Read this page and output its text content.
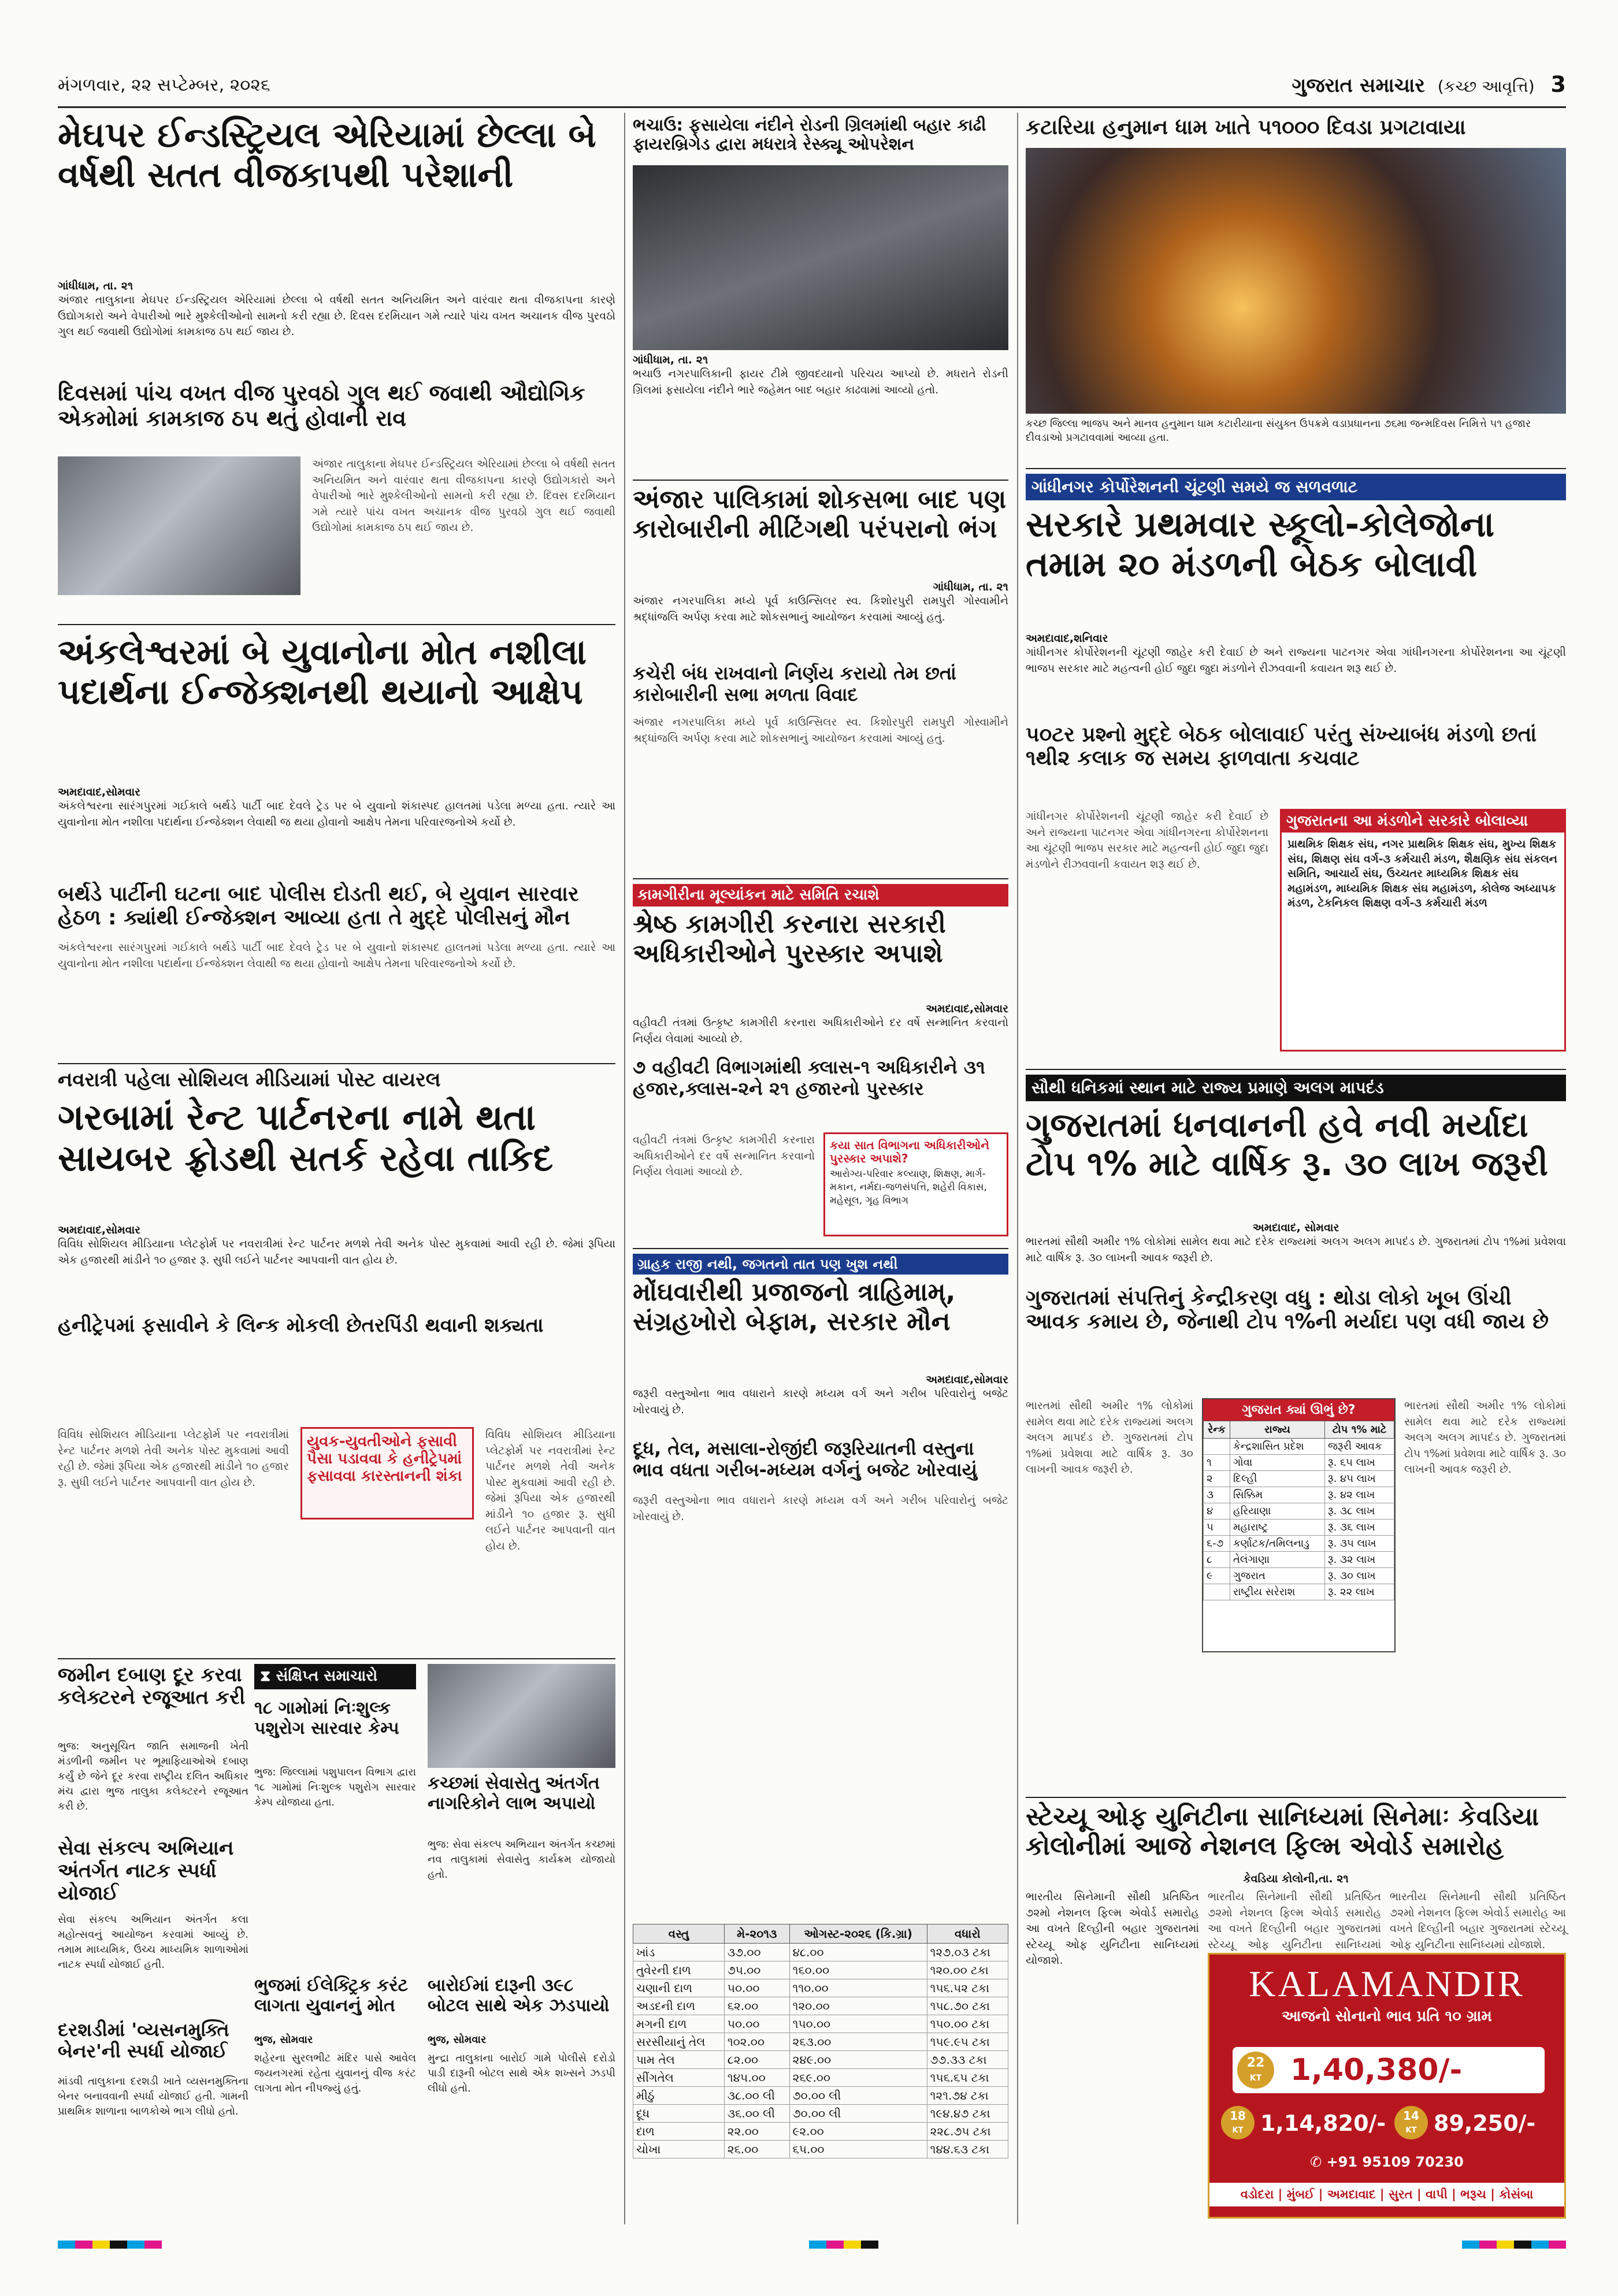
મંગળવાર, ૨૨ સપ્ટેમ્બર, ૨૦૨૬	ગુજરાત સમાચાર (કચ્છ આવૃત્તિ) 3
મેઘપર ઈન્ડસ્ટ્રિયલ એરિયામાં છેલ્લા બે વર્ષથી સતત વીજકાપથી પરેશાની
ગાંધીધામ, તા. ૨૧
અંજાર તાલુકાના મેઘપર ઈન્ડસ્ટ્રિયલ એરિયામાં છેલ્લા બે વર્ષથી સતત અનિયમિત અને વારંવાર થતા વીજકાપના કારણે ઉદ્યોગકારો અને વેપારીઓ ભારે મુશ્કેલીઓનો સામનો કરી રહ્યા છે. દિવસ દરમિયાન ગમે ત્યારે પાંચ વખત અચાનક વીજ પુરવઠો ગુલ થઈ જવાથી ઉદ્યોગોમાં કામકાજ ઠપ થઈ જાય છે.
દિવસમાં પાંચ વખત વીજ પુરવઠો ગુલ થઈ જવાથી ઔદ્યોગિક એકમોમાં કામકાજ ઠપ થતું હોવાની રાવ
અંજાર તાલુકાના મેઘપર ઈન્ડસ્ટ્રિયલ એરિયામાં છેલ્લા બે વર્ષથી સતત અનિયમિત અને વારંવાર થતા વીજકાપના કારણે ઉદ્યોગકારો અને વેપારીઓ ભારે મુશ્કેલીઓનો સામનો કરી રહ્યા છે. દિવસ દરમિયાન ગમે ત્યારે પાંચ વખત અચાનક વીજ પુરવઠો ગુલ થઈ જવાથી ઉદ્યોગોમાં કામકાજ ઠપ થઈ જાય છે.
અંકલેશ્વરમાં બે યુવાનોના મોત નશીલા પદાર્થના ઈન્જેક્શનથી થયાનો આક્ષેપ
અમદાવાદ,સોમવાર
અંકલેશ્વરના સારંગપુરમાં ગઈકાલે બર્થડે પાર્ટી બાદ દેવલે ટ્રેડ પર બે યુવાનો શંકાસ્પદ હાલતમાં પડેલા મળ્યા હતા. ત્યારે આ યુવાનોના મોત નશીલા પદાર્થના ઈન્જેક્શન લેવાથી જ થયા હોવાનો આક્ષેપ તેમના પરિવારજનોએ કર્યો છે.
બર્થડે પાર્ટીની ઘટના બાદ પોલીસ દોડતી થઈ, બે યુવાન સારવાર હેઠળ : ક્યાંથી ઈન્જેક્શન આવ્યા હતા તે મુદ્દે પોલીસનું મૌન
અંકલેશ્વરના સારંગપુરમાં ગઈકાલે બર્થડે પાર્ટી બાદ દેવલે ટ્રેડ પર બે યુવાનો શંકાસ્પદ હાલતમાં પડેલા મળ્યા હતા. ત્યારે આ યુવાનોના મોત નશીલા પદાર્થના ઈન્જેક્શન લેવાથી જ થયા હોવાનો આક્ષેપ તેમના પરિવારજનોએ કર્યો છે.
નવરાત્રી પહેલા સોશિયલ મીડિયામાં પોસ્ટ વાયરલ
ગરબામાં રેન્ટ પાર્ટનરના નામે થતા સાયબર ફ્રોડથી સતર્ક રહેવા તાકિદ
અમદાવાદ,સોમવાર
વિવિધ સોશિયલ મીડિયાના પ્લેટફોર્મ પર નવરાત્રીમાં રેન્ટ પાર્ટનર મળશે તેવી અનેક પોસ્ટ મુકવામાં આવી રહી છે. જેમાં રૂપિયા એક હજારથી માંડીને ૧૦ હજાર રૂ. સુધી લઈને પાર્ટનર આપવાની વાત હોય છે.
હનીટ્રેપમાં ફસાવીને કે લિન્ક મોકલી છેતરપિંડી થવાની શક્યતા
યુવક-યુવતીઓને ફસાવી પૈસા પડાવવા કે હનીટ્રેપમાં ફસાવવા કારસ્તાનની શંકા
વિવિધ સોશિયલ મીડિયાના પ્લેટફોર્મ પર નવરાત્રીમાં રેન્ટ પાર્ટનર મળશે તેવી અનેક પોસ્ટ મુકવામાં આવી રહી છે. જેમાં રૂપિયા એક હજારથી માંડીને ૧૦ હજાર રૂ. સુધી લઈને પાર્ટનર આપવાની વાત હોય છે.
વિવિધ સોશિયલ મીડિયાના પ્લેટફોર્મ પર નવરાત્રીમાં રેન્ટ પાર્ટનર મળશે તેવી અનેક પોસ્ટ મુકવામાં આવી રહી છે. જેમાં રૂપિયા એક હજારથી માંડીને ૧૦ હજાર રૂ. સુધી લઈને પાર્ટનર આપવાની વાત હોય છે.
જમીન દબાણ દૂર કરવા કલેક્ટરને રજૂઆત કરી
ભુજ: અનુસૂચિત જાતિ સમાજની ખેતી મંડળીની જમીન પર ભૂમાફિયાઓએ દબાણ કર્યું છે જેને દૂર કરવા રાષ્ટ્રીય દલિત અધિકાર મંચ દ્વારા ભુજ તાલુકા કલેક્ટરને રજૂઆત કરી છે.
સેવા સંકલ્પ અભિયાન અંતર્ગત નાટક સ્પર્ધા યોજાઈ
સેવા સંકલ્પ અભિયાન અંતર્ગત કલા મહોત્સવનું આયોજન કરવામાં આવ્યું છે. તમામ માધ્યમિક, ઉચ્ચ માધ્યમિક શાળાઓમાં નાટક સ્પર્ધા યોજાઈ હતી.
દરશડીમાં 'વ્યસનમુક્તિ બેનર'ની સ્પર્ધા યોજાઈ
માંડવી તાલુકાના દરશડી ખાતે વ્યસનમુક્તિના બેનર બનાવવાની સ્પર્ધા યોજાઈ હતી. ગામની પ્રાથમિક શાળાના બાળકોએ ભાગ લીધો હતો.
⧗ સંક્ષિપ્ત સમાચારો
૧૮ ગામોમાં નિઃશુલ્ક પશુરોગ સારવાર કેમ્પ
ભુજ: જિલ્લામાં પશુપાલન વિભાગ દ્વારા ૧૮ ગામોમાં નિઃશુલ્ક પશુરોગ સારવાર કેમ્પ યોજાયા હતા.
કચ્છમાં સેવાસેતુ અંતર્ગત નાગરિકોને લાભ અપાયો
ભુજ: સેવા સંકલ્પ અભિયાન અંતર્ગત કચ્છમાં નવ તાલુકામાં સેવાસેતુ કાર્યક્રમ યોજાયો હતો.
ભુજમાં ઈલેક્ટ્રિક કરંટ લાગતા યુવાનનું મોત
ભુજ, સોમવાર
શહેરના સુરલભીટ મંદિર પાસે આવેલ જયનગરમાં રહેતા યુવાનનું વીજ કરંટ લાગતા મોત નીપજ્યું હતું.
બારોઈમાં દારૂની ૩૯૮ બોટલ સાથે એક ઝડપાયો
ભુજ, સોમવાર
મુન્દ્રા તાલુકાના બારોઈ ગામે પોલીસે દરોડો પાડી દારૂની બોટલ સાથે એક શખ્સને ઝડપી લીધો હતો.
ભચાઉ: ફસાયેલા નંદીને રોડની ગ્રિલમાંથી બહાર કાઢી ફાયરબ્રિગેડ દ્વારા મધરાત્રે રેસ્ક્યૂ ઓપરેશન
ગાંધીધામ, તા. ૨૧
ભચાઉ નગરપાલિકાની ફાયર ટીમે જીવદયાનો પરિચય આપ્યો છે. મધરાતે રોડની ગ્રિલમાં ફસાયેલા નંદીને ભારે જહેમત બાદ બહાર કાઢવામાં આવ્યો હતો.
અંજાર પાલિકામાં શોકસભા બાદ પણ કારોબારીની મીટિંગથી પરંપરાનો ભંગ
ગાંધીધામ, તા. ૨૧
અંજાર નગરપાલિકા મધ્યે પૂર્વ કાઉન્સિલર સ્વ. કિશોરપુરી રામપુરી ગોસ્વામીને શ્રદ્ધાંજલિ અર્પણ કરવા માટે શોકસભાનું આયોજન કરવામાં આવ્યું હતું.
કચેરી બંધ રાખવાનો નિર્ણય કરાયો તેમ છતાં કારોબારીની સભા મળતા વિવાદ
અંજાર નગરપાલિકા મધ્યે પૂર્વ કાઉન્સિલર સ્વ. કિશોરપુરી રામપુરી ગોસ્વામીને શ્રદ્ધાંજલિ અર્પણ કરવા માટે શોકસભાનું આયોજન કરવામાં આવ્યું હતું.
કામગીરીના મૂલ્યાંકન માટે સમિતિ રચાશે
શ્રેષ્ઠ કામગીરી કરનારા સરકારી અધિકારીઓને પુરસ્કાર અપાશે
અમદાવાદ,સોમવાર
વહીવટી તંત્રમાં ઉત્કૃષ્ટ કામગીરી કરનારા અધિકારીઓને દર વર્ષે સન્માનિત કરવાનો નિર્ણય લેવામાં આવ્યો છે.
૭ વહીવટી વિભાગમાંથી ક્લાસ-૧ અધિકારીને ૩૧ હજાર,ક્લાસ-૨ને ૨૧ હજારનો પુરસ્કાર
કયા સાત વિભાગના અધિકારીઓને પુરસ્કાર અપાશે?
આરોગ્ય-પરિવાર કલ્યાણ, શિક્ષણ, માર્ગ-મકાન, નર્મદા-જળસંપત્તિ, શહેરી વિકાસ, મહેસૂલ, ગૃહ વિભાગ
વહીવટી તંત્રમાં ઉત્કૃષ્ટ કામગીરી કરનારા અધિકારીઓને દર વર્ષે સન્માનિત કરવાનો નિર્ણય લેવામાં આવ્યો છે.
ગ્રાહક રાજી નથી, જગતનો તાત પણ ખુશ નથી
મોંઘવારીથી પ્રજાજનો ત્રાહિમામ્, સંગ્રહખોરો બેફામ, સરકાર મૌન
અમદાવાદ,સોમવાર
જરૂરી વસ્તુઓના ભાવ વધારાને કારણે મધ્યમ વર્ગ અને ગરીબ પરિવારોનું બજેટ ખોરવાયું છે.
દૂધ, તેલ, મસાલા-રોજીંદી જરૂરિયાતની વસ્તુના ભાવ વધતા ગરીબ-મધ્યમ વર્ગનું બજેટ ખોરવાયું
જરૂરી વસ્તુઓના ભાવ વધારાને કારણે મધ્યમ વર્ગ અને ગરીબ પરિવારોનું બજેટ ખોરવાયું છે.
વસ્તુ	મે-૨૦૧૩	ઓગસ્ટ-૨૦૨૬ (કિ.ગ્રા)	વધારો
ખાંડ	૩૭.૦૦	૪૮.૦૦	૧૨૭.૦૩ ટકા
તુવેરની દાળ	૭૫.૦૦	૧૬૦.૦૦	૧૨૦.૦૦ ટકા
ચણાની દાળ	૫૦.૦૦	૧૧૦.૦૦	૧૫૬.૫૨ ટકા
અડદની દાળ	૬૨.૦૦	૧૨૦.૦૦	૧૫૮.૭૦ ટકા
મગની દાળ	૫૦.૦૦	૧૫૦.૦૦	૧૫૦.૦૦ ટકા
સરસીયાનું તેલ	૧૦૨.૦૦	૨૬૩.૦૦	૧૫૯.૯૫ ટકા
પામ તેલ	૮૨.૦૦	૨૪૯.૦૦	૭૭.૩૩ ટકા
સીંગતેલ	૧૪૫.૦૦	૨૬૯.૦૦	૧૫૬.૬૫ ટકા
મીઠું	૩૮.૦૦ લી	૭૦.૦૦ લી	૧૨૧.૭૪ ટકા
દૂધ	૩૬.૦૦ લી	૭૦.૦૦ લી	૧૯૪.૪૭ ટકા
દાળ	૨૨.૦૦	૯૨.૦૦	૨૨૮.૭૫ ટકા
ચોખા	૨૬.૦૦	૬૫.૦૦	૧૪૪.૬૩ ટકા
કટારિયા હનુમાન ધામ ખાતે ૫૧૦૦૦ દિવડા પ્રગટાવાયા
કચ્છ જિલ્લા ભાજપ અને માનવ હનુમાન ધામ કટારીયાના સંયુક્ત ઉપક્રમે વડાપ્રધાનના ૭૬મા જન્મદિવસ નિમિત્તે ૫૧ હજાર દીવડાઓ પ્રગટાવવામાં આવ્યા હતા.
ગાંધીનગર કોર્પોરેશનની ચૂંટણી સમયે જ સળવળાટ
સરકારે પ્રથમવાર સ્કૂલો-કોલેજોના તમામ ૨૦ મંડળની બેઠક બોલાવી
અમદાવાદ,શનિવાર
ગાંધીનગર કોર્પોરેશનની ચૂંટણી જાહેર કરી દેવાઈ છે અને રાજ્યના પાટનગર એવા ગાંધીનગરના કોર્પોરેશનના આ ચૂંટણી ભાજપ સરકાર માટે મહત્વની હોઈ જુદા જુદા મંડળોને રીઝવવાની કવાયત શરૂ થઈ છે.
૫૦ટર પ્રશ્નો મુદ્દે બેઠક બોલાવાઈ પરંતુ સંખ્યાબંધ મંડળો છતાં ૧થી૨ કલાક જ સમય ફાળવાતા કચવાટ
ગાંધીનગર કોર્પોરેશનની ચૂંટણી જાહેર કરી દેવાઈ છે અને રાજ્યના પાટનગર એવા ગાંધીનગરના કોર્પોરેશનના આ ચૂંટણી ભાજપ સરકાર માટે મહત્વની હોઈ જુદા જુદા મંડળોને રીઝવવાની કવાયત શરૂ થઈ છે.
ગુજરાતના આ મંડળોને સરકારે બોલાવ્યા
પ્રાથમિક શિક્ષક સંઘ, નગર પ્રાથમિક શિક્ષક સંઘ, મુખ્ય શિક્ષક સંઘ, શિક્ષણ સંઘ વર્ગ-૩ કર્મચારી મંડળ, શૈક્ષણિક સંઘ સંકલન સમિતિ, આચાર્ય સંઘ, ઉચ્ચતર માધ્યમિક શિક્ષક સંઘ મહામંડળ, માધ્યમિક શિક્ષક સંઘ મહામંડળ, કોલેજ અધ્યાપક મંડળ, ટેકનિકલ શિક્ષણ વર્ગ-૩ કર્મચારી મંડળ
સૌથી ધનિકમાં સ્થાન માટે રાજ્ય પ્રમાણે અલગ માપદંડ
ગુજરાતમાં ધનવાનની હવે નવી મર્યાદા ટોપ ૧% માટે વાર્ષિક રૂ. ૩૦ લાખ જરૂરી
અમદાવાદ, સોમવાર
ભારતમાં સૌથી અમીર ૧% લોકોમાં સામેલ થવા માટે દરેક રાજ્યમાં અલગ અલગ માપદંડ છે. ગુજરાતમાં ટોપ ૧%માં પ્રવેશવા માટે વાર્ષિક રૂ. ૩૦ લાખની આવક જરૂરી છે.
ગુજરાતમાં સંપત્તિનું કેન્દ્રીકરણ વધુ : થોડા લોકો ખૂબ ઊંચી આવક કમાય છે, જેનાથી ટોપ ૧%ની મર્યાદા પણ વધી જાય છે
ભારતમાં સૌથી અમીર ૧% લોકોમાં સામેલ થવા માટે દરેક રાજ્યમાં અલગ અલગ માપદંડ છે. ગુજરાતમાં ટોપ ૧%માં પ્રવેશવા માટે વાર્ષિક રૂ. ૩૦ લાખની આવક જરૂરી છે.
ગુજરાત ક્યાં ઊભું છે?
રેન્ક	રાજ્ય	ટોપ ૧% માટે
	કેન્દ્રશાસિત પ્રદેશ	જરૂરી આવક
૧	ગોવા	રૂ. ૬૫ લાખ
૨	દિલ્હી	રૂ. ૪૫ લાખ
૩	સિક્કિમ	રૂ. ૪૨ લાખ
૪	હરિયાણા	રૂ. ૩૮ લાખ
૫	મહારાષ્ટ્ર	રૂ. ૩૬ લાખ
૬-૭	કર્ણાટક/તમિલનાડુ	રૂ. ૩૫ લાખ
૮	તેલંગાણા	રૂ. ૩૨ લાખ
૯	ગુજરાત	રૂ. ૩૦ લાખ
	રાષ્ટ્રીય સરેરાશ	રૂ. ૨૨ લાખ
ભારતમાં સૌથી અમીર ૧% લોકોમાં સામેલ થવા માટે દરેક રાજ્યમાં અલગ અલગ માપદંડ છે. ગુજરાતમાં ટોપ ૧%માં પ્રવેશવા માટે વાર્ષિક રૂ. ૩૦ લાખની આવક જરૂરી છે.
સ્ટેચ્યૂ ઓફ યુનિટીના સાનિધ્યમાં સિનેમાઃ કેવડિયા કોલોનીમાં આજે નેશનલ ફિલ્મ એવોર્ડ સમારોહ
કેવડિયા કોલોની,તા. ૨૧
ભારતીય સિનેમાની સૌથી પ્રતિષ્ઠિત ૭૨મો નેશનલ ફિલ્મ એવોર્ડ સમારોહ આ વખતે દિલ્હીની બહાર ગુજરાતમાં સ્ટેચ્યૂ ઓફ યુનિટીના સાનિધ્યમાં યોજાશે.
ભારતીય સિનેમાની સૌથી પ્રતિષ્ઠિત ૭૨મો નેશનલ ફિલ્મ એવોર્ડ સમારોહ આ વખતે દિલ્હીની બહાર ગુજરાતમાં સ્ટેચ્યૂ ઓફ યુનિટીના સાનિધ્યમાં
ભારતીય સિનેમાની સૌથી પ્રતિષ્ઠિત ૭૨મો નેશનલ ફિલ્મ એવોર્ડ સમારોહ આ વખતે દિલ્હીની બહાર ગુજરાતમાં સ્ટેચ્યૂ ઓફ યુનિટીના સાનિધ્યમાં યોજાશે.
KALAMANDIR
આજનો સોનાનો ભાવ પ્રતિ ૧૦ ગ્રામ
22
KT 1,40,380/-
18
KT 1,14,820/-	14
KT 89,250/-
✆ +91 95109 70230
વડોદરા | મુંબઈ | અમદાવાદ | સુરત | વાપી | ભરૂચ | કોસંબા
